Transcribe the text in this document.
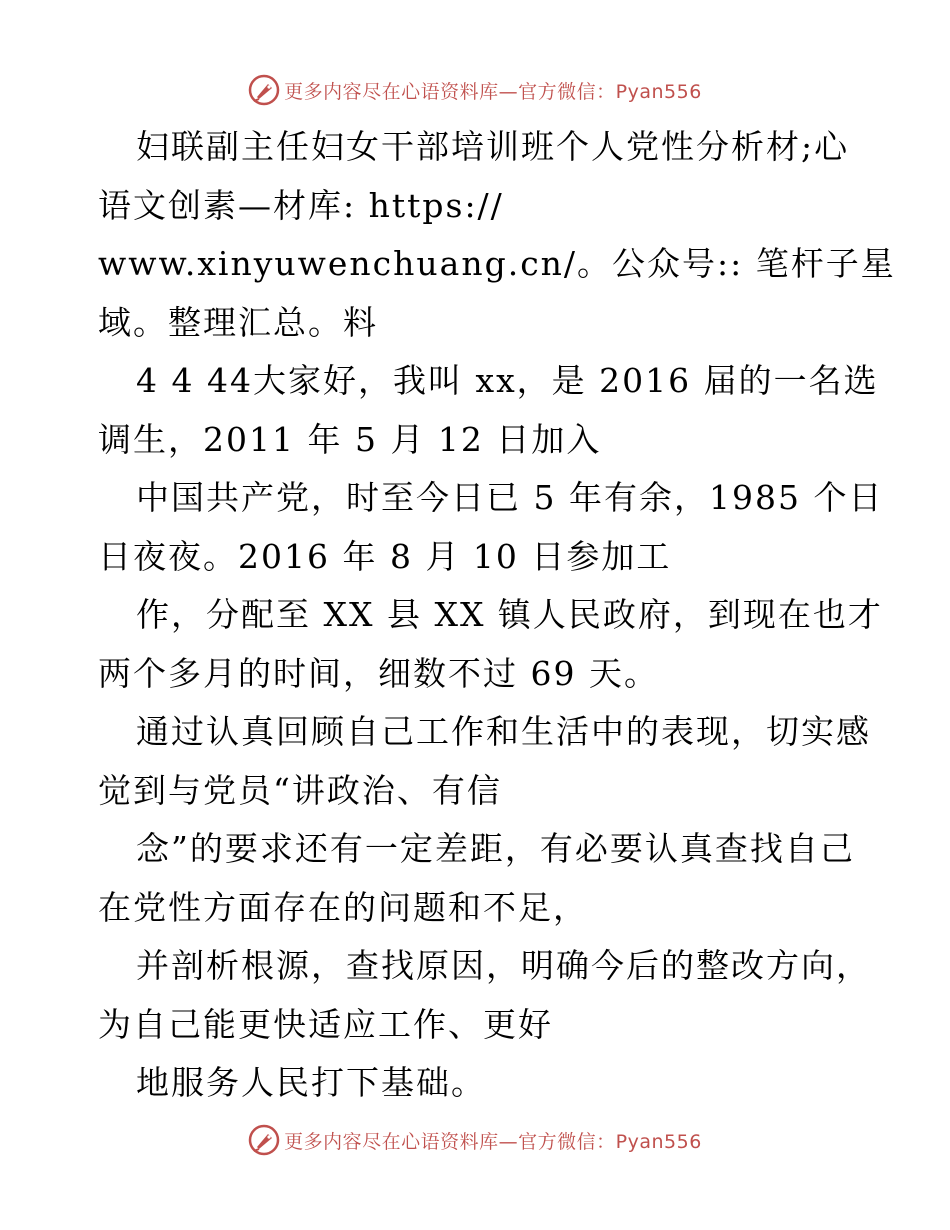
更多内容尽在心语资料库—官方微信：Pyan556
妇联副主任妇女干部培训班个人党性分析材;心
语文创素—材库: https://
www.xinyuwenchuang.cn/。公众号:: 笔杆子星
域。整理汇总。料
4 4 44大家好，我叫 xx，是 2016 届的一名选
调生，2011 年 5 月 12 日加入
中国共产党，时至今日已 5 年有余，1985 个日
日夜夜。2016 年 8 月 10 日参加工
作，分配至 XX 县 XX 镇人民政府，到现在也才
两个多月的时间，细数不过 69 天。
通过认真回顾自己工作和生活中的表现，切实感
觉到与党员“讲政治、有信
念”的要求还有一定差距，有必要认真查找自己
在党性方面存在的问题和不足，
并剖析根源，查找原因，明确今后的整改方向，
为自己能更快适应工作、更好
地服务人民打下基础。
更多内容尽在心语资料库—官方微信：Pyan556
